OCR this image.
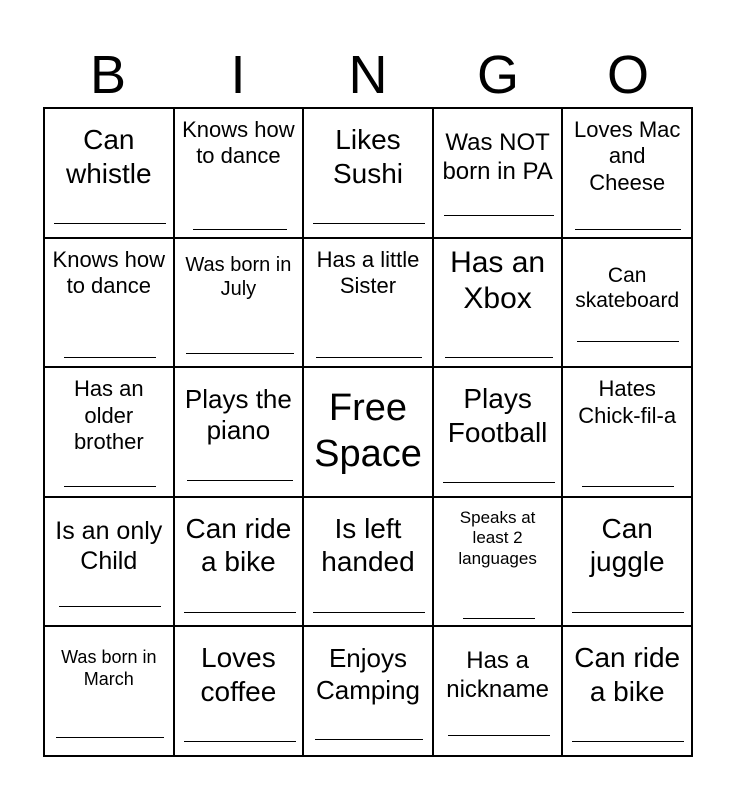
B	I	N	G	O
Can whistle
Knows how to dance
Likes Sushi
Was NOT born in PA
Loves Mac and Cheese
Knows how to dance
Was born in July
Has a little Sister
Has an Xbox
Can skateboard
Has an older brother
Plays the piano
Free Space
Plays Football
Hates Chick-fil-a
Is an only Child
Can ride a bike
Is left handed
Speaks at least 2 languages
Can juggle
Was born in March
Loves coffee
Enjoys Camping
Has a nickname
Can ride a bike
